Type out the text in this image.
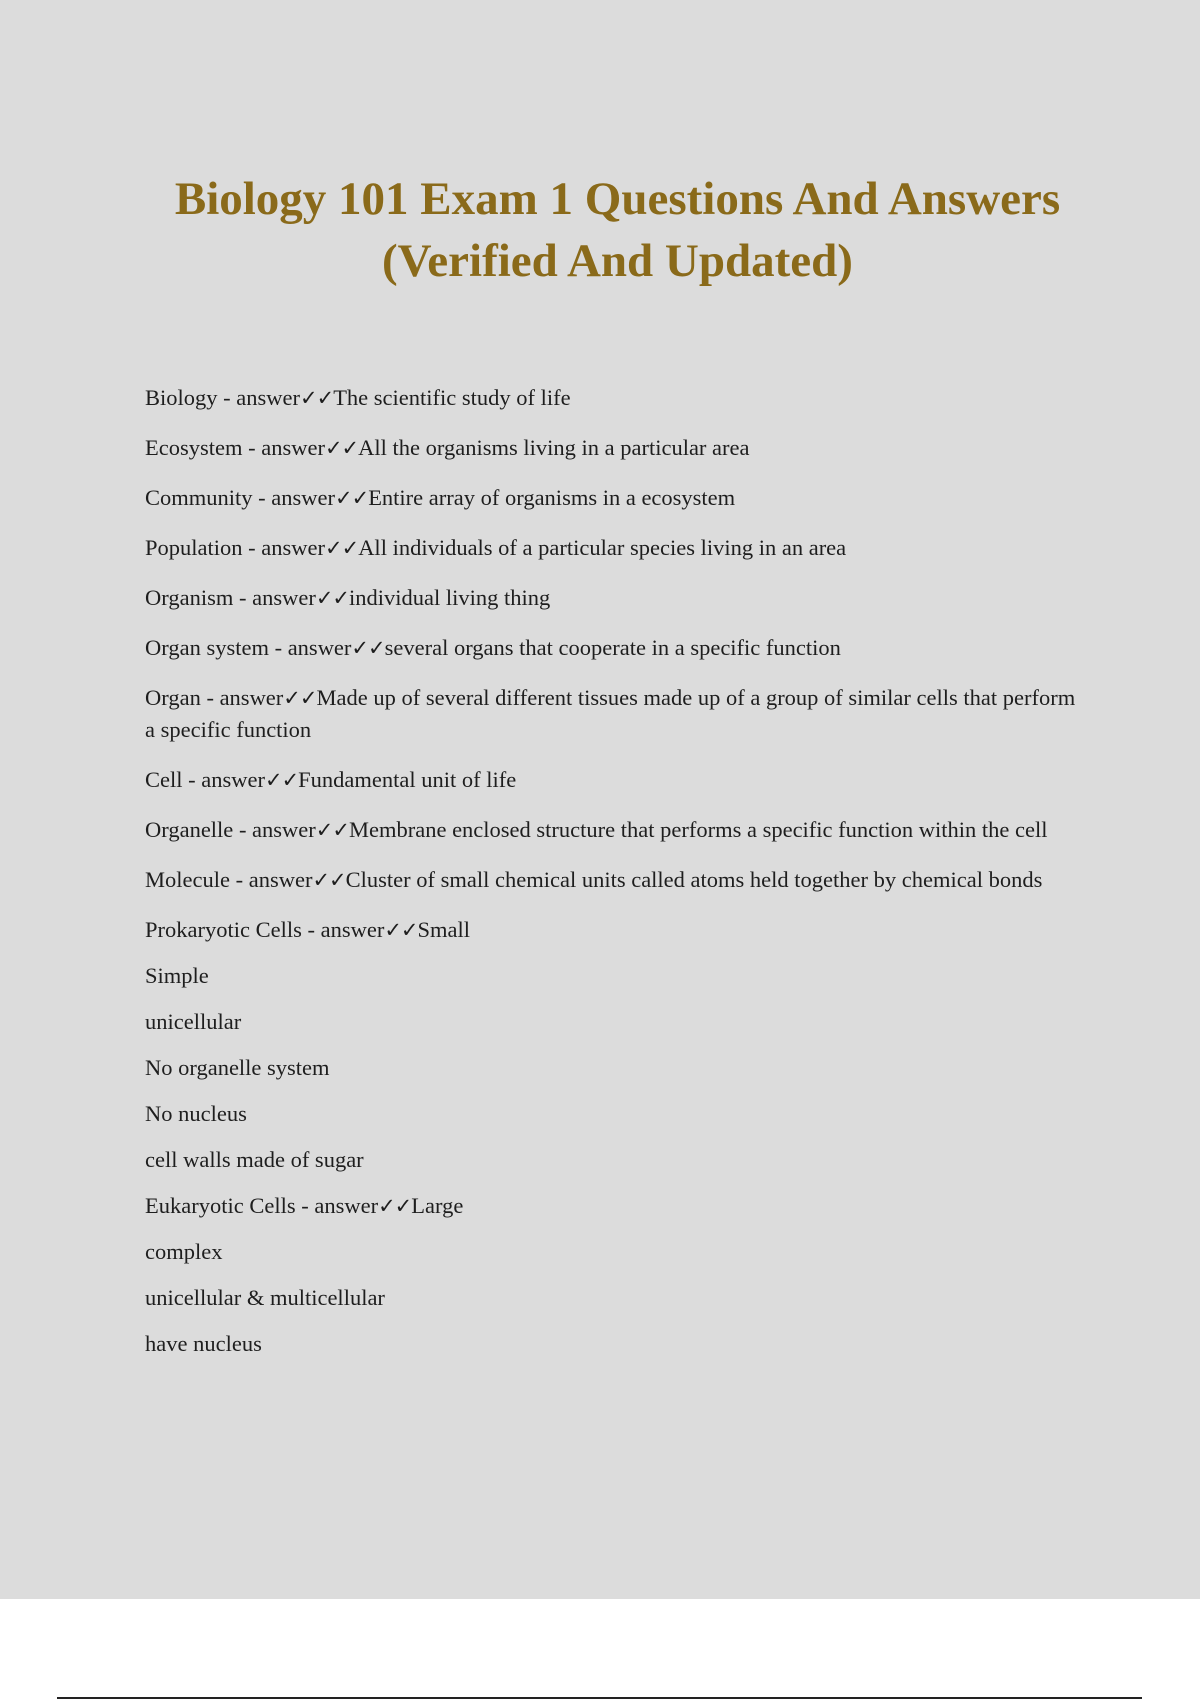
Biology 101 Exam 1 Questions And Answers
(Verified And Updated)

Biology - answer✓✓The scientific study of life

Ecosystem - answer✓✓All the organisms living in a particular area

Community - answer✓✓Entire array of organisms in a ecosystem

Population - answer✓✓All individuals of a particular species living in an area

Organism - answer✓✓individual living thing

Organ system - answer✓✓several organs that cooperate in a specific function

Organ - answer✓✓Made up of several different tissues made up of a group of similar cells that perform a specific function

Cell - answer✓✓Fundamental unit of life

Organelle - answer✓✓Membrane enclosed structure that performs a specific function within the cell

Molecule - answer✓✓Cluster of small chemical units called atoms held together by chemical bonds

Prokaryotic Cells - answer✓✓Small

Simple

unicellular

No organelle system

No nucleus

cell walls made of sugar

Eukaryotic Cells - answer✓✓Large

complex

unicellular & multicellular

have nucleus
